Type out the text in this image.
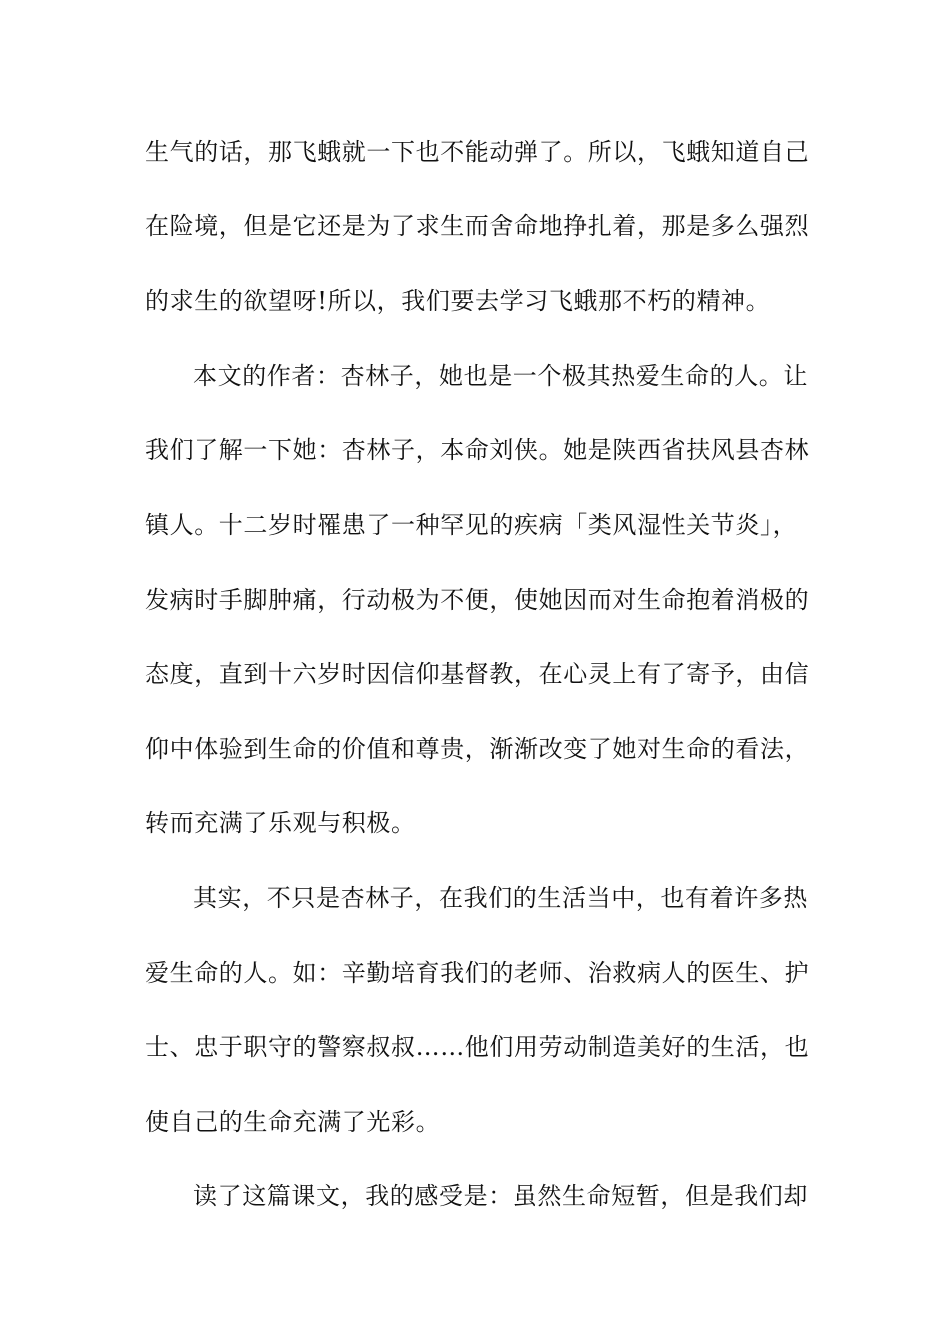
生气的话，那飞蛾就一下也不能动弹了。所以，飞蛾知道自己
在险境，但是它还是为了求生而舍命地挣扎着，那是多么强烈
的求生的欲望呀!所以，我们要去学习飞蛾那不朽的精神。
本文的作者：杏林子，她也是一个极其热爱生命的人。让
我们了解一下她：杏林子，本命刘侠。她是陕西省扶风县杏林
镇人。十二岁时罹患了一种罕见的疾病「类风湿性关节炎」，
发病时手脚肿痛，行动极为不便，使她因而对生命抱着消极的
态度，直到十六岁时因信仰基督教，在心灵上有了寄予，由信
仰中体验到生命的价值和尊贵，渐渐改变了她对生命的看法，
转而充满了乐观与积极。
其实，不只是杏林子，在我们的生活当中，也有着许多热
爱生命的人。如：辛勤培育我们的老师、治救病人的医生、护
士、忠于职守的警察叔叔……他们用劳动制造美好的生活，也
使自己的生命充满了光彩。
读了这篇课文，我的感受是：虽然生命短暂，但是我们却
